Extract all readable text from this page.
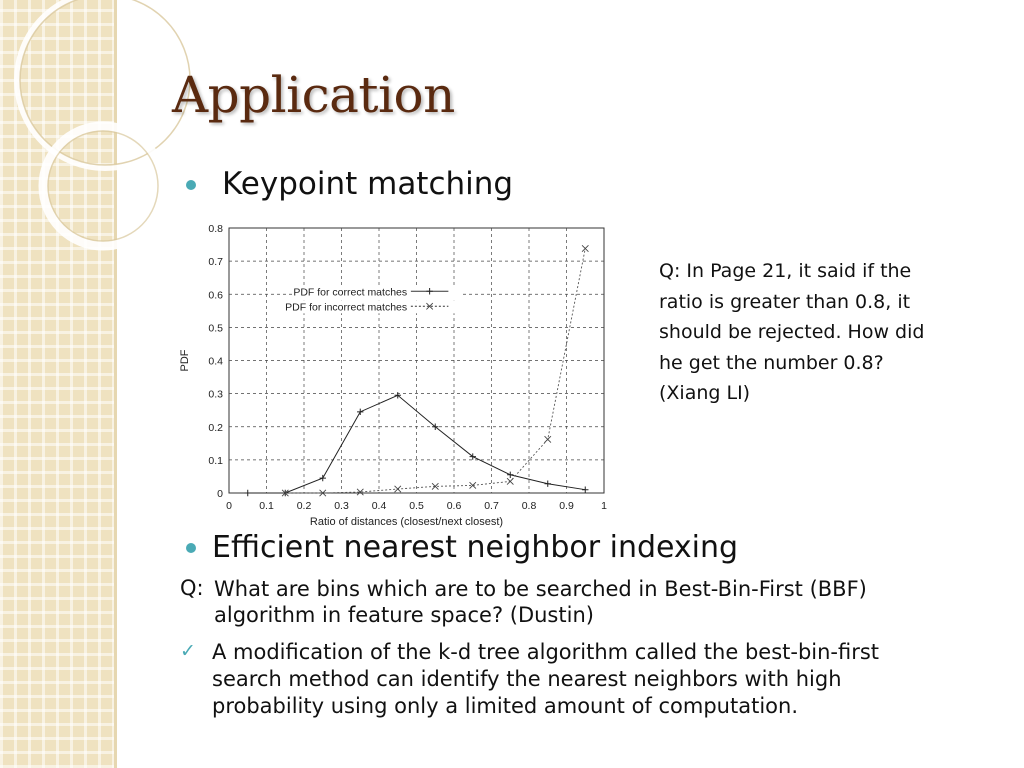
Application
Keypoint matching
0	0.1 0.2 0.3 0.4 0.5 0.6 0.7 0.8 0.9	1
0
0.1
0.2
0.3
0.4
0.5
0.6
0.7
0.8
Ratio of distances (closest/next closest)
PDF
PDF for correct matches
PDF for incorrect matches
Q: In Page 21, it said if the ratio is greater than 0.8, it should be rejected. How did he get the number 0.8? (Xiang LI)
Efficient nearest neighbor indexing
Q: What are bins which are to be searched in Best-Bin-First (BBF)
algorithm in feature space? (Dustin)
✓ A modification of the k-d tree algorithm called the best-bin-first
search method can identify the nearest neighbors with high
probability using only a limited amount of computation.
